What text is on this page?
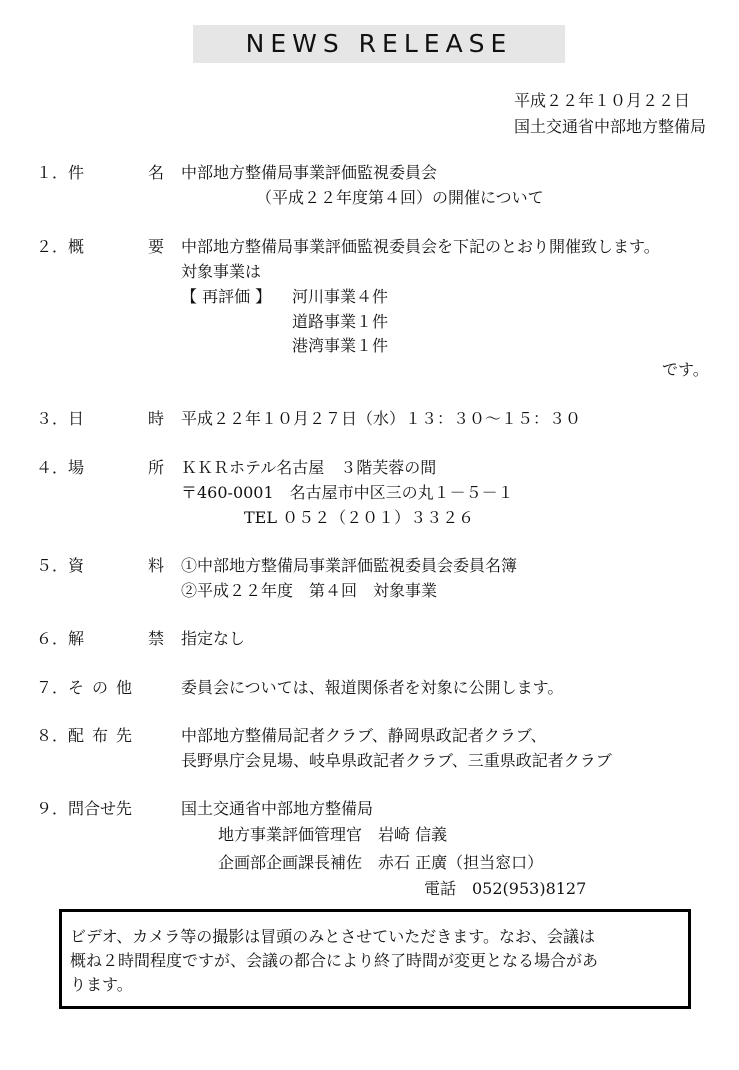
NEWS RELEASE
平成２２年１０月２２日
国土交通省中部地方整備局
１． 件　名
中部地方整備局事業評価監視委員会
（平成２２年度第４回）の開催について
２． 概　要
中部地方整備局事業評価監視委員会を下記のとおり開催致します。
対象事業は
【 再評価 】 河川事業４件
道路事業１件
港湾事業１件
です。
３． 日　時
平成２２年１０月２７日（水）１３：３０～１５：３０
４． 場　所
ＫＫＲホテル名古屋　３階芙蓉の間
〒460-0001　名古屋市中区三の丸１－５－１
TEL ０５２（２０１）３３２６
５． 資　料
①中部地方整備局事業評価監視委員会委員名簿
②平成２２年度　第４回　対象事業
６． 解　禁
指定なし
７． その他	委員会については、報道関係者を対象に公開します。
８． 配布先	中部地方整備局記者クラブ、静岡県政記者クラブ、
長野県庁会見場、岐阜県政記者クラブ、三重県政記者クラブ
９． 問合せ先	国土交通省中部地方整備局
地方事業評価管理官　岩崎 信義
企画部企画課長補佐　赤石 正廣（担当窓口）
電話　052(953)8127
ビデオ、カメラ等の撮影は冒頭のみとさせていただきます。なお、会議は
概ね２時間程度ですが、会議の都合により終了時間が変更となる場合があ
ります。
